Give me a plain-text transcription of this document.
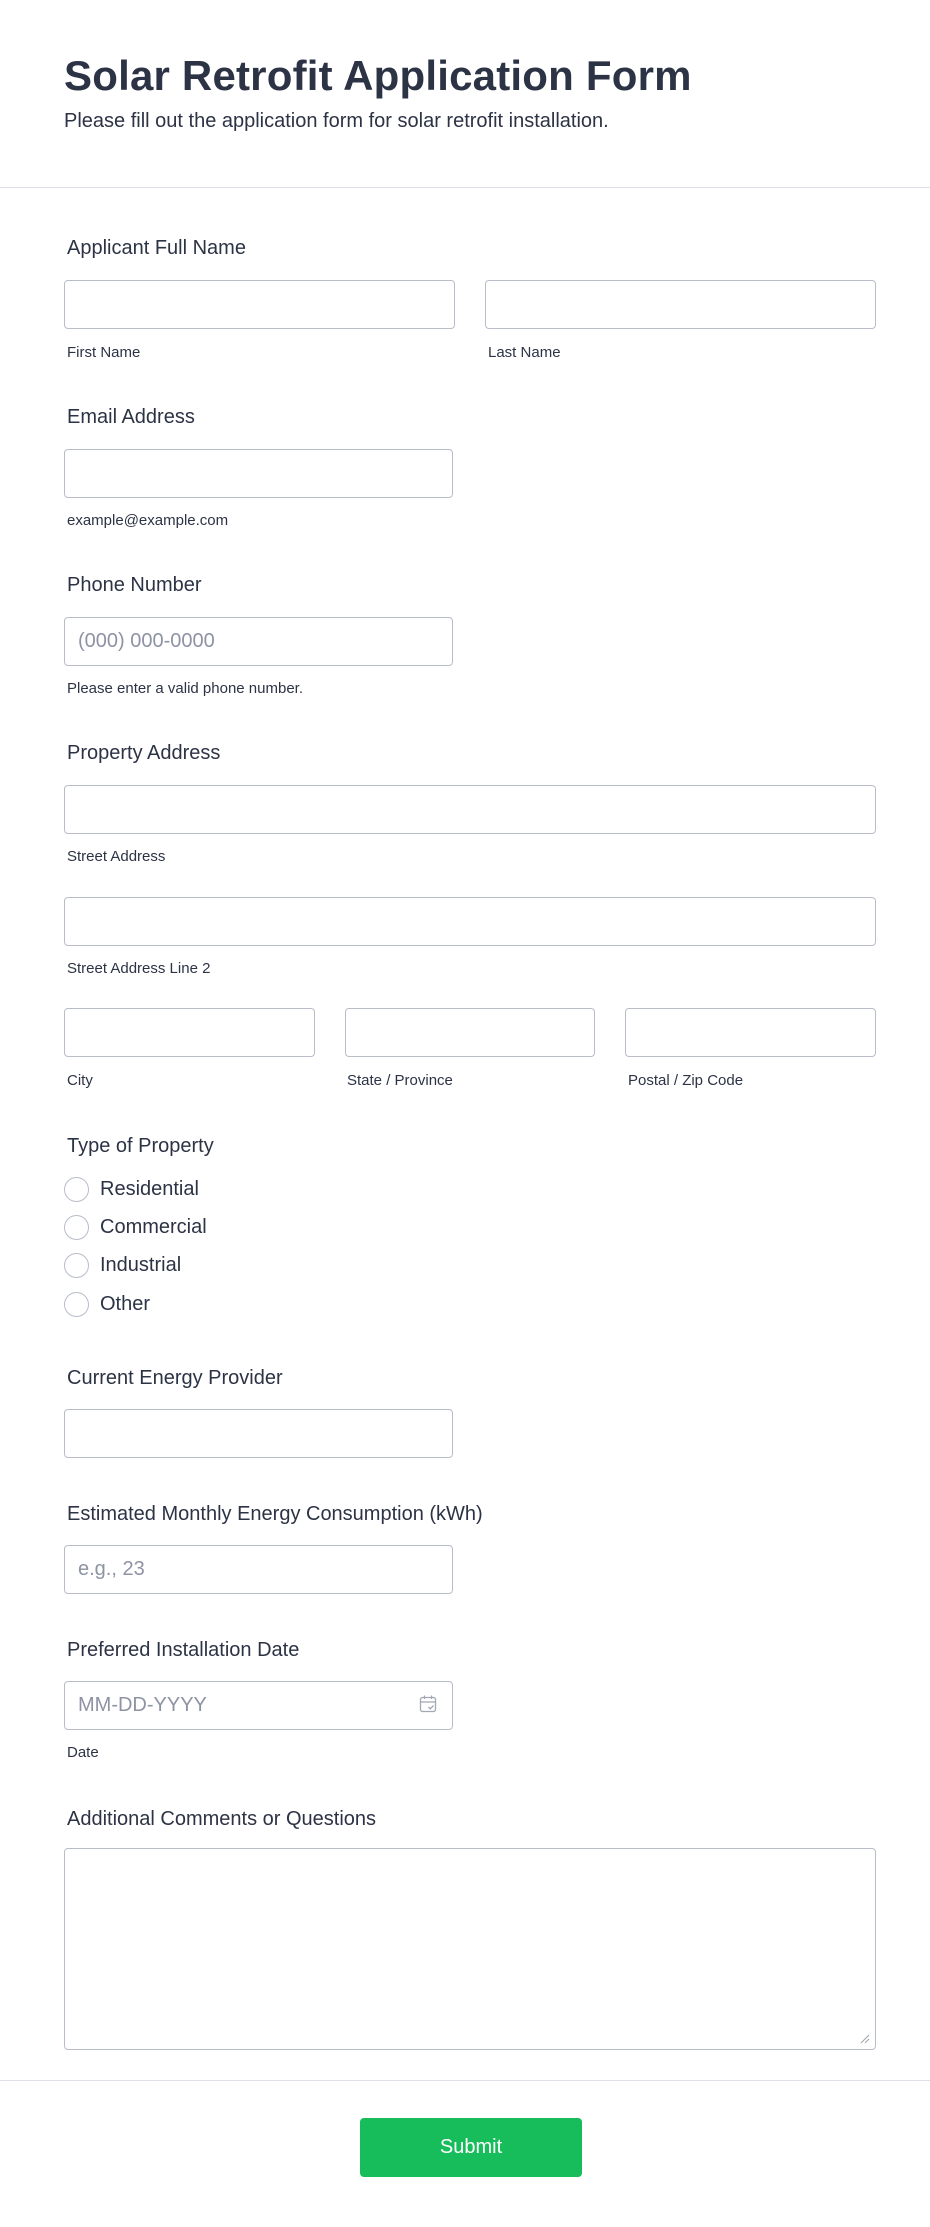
Solar Retrofit Application Form

Please fill out the application form for solar retrofit installation.

Applicant Full Name
First Name	Last Name
Email Address
example@example.com
Phone Number
(000) 000-0000
Please enter a valid phone number.
Property Address
Street Address
Street Address Line 2
City	State / Province	Postal / Zip Code
Type of Property
Residential
Commercial
Industrial
Other
Current Energy Provider
Estimated Monthly Energy Consumption (kWh)
e.g., 23
Preferred Installation Date
MM-DD-YYYY
Date
Additional Comments or Questions
Submit
